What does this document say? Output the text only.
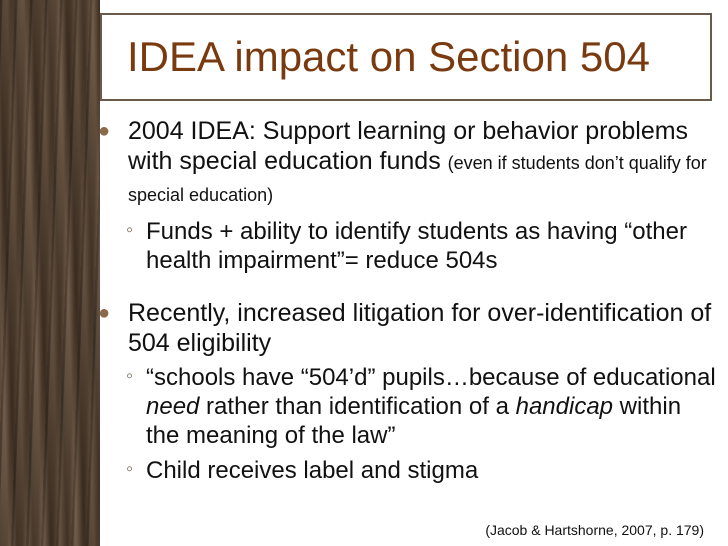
IDEA impact on Section 504
● 2004 IDEA: Support learning or behavior problems with special education funds (even if students don’t qualify for special education)
◦ Funds + ability to identify students as having “other health impairment”= reduce 504s
● Recently, increased litigation for over-identification of 504 eligibility
◦ “schools have “504’d” pupils…because of educational need rather than identification of a handicap within the meaning of the law”
◦ Child receives label and stigma
(Jacob & Hartshorne, 2007, p. 179)
